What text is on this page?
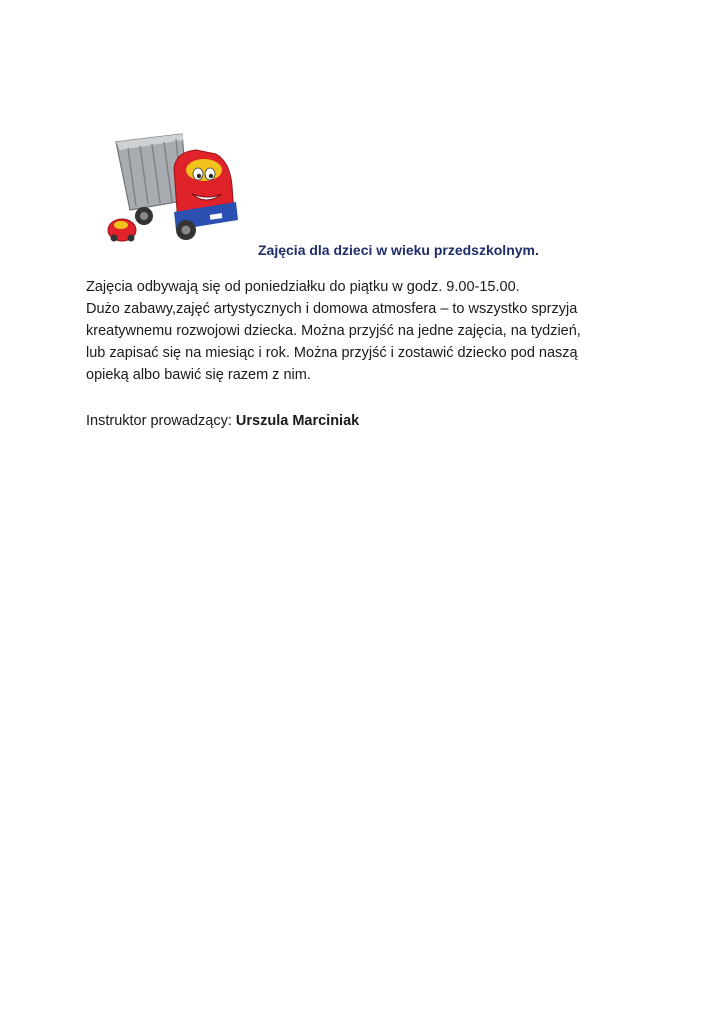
Zajęcia dla dzieci w wieku przedszkolnym.

Zajęcia odbywają się od poniedziałku do piątku w godz. 9.00-15.00.

Dużo zabawy,zajęć artystycznych i domowa atmosfera – to wszystko sprzyja

kreatywnemu rozwojowi dziecka. Można przyjść na jedne zajęcia, na tydzień,

lub zapisać się na miesiąc i rok. Można przyjść i zostawić dziecko pod naszą

opieką albo bawić się razem z nim.

Instruktor prowadzący: Urszula Marciniak
